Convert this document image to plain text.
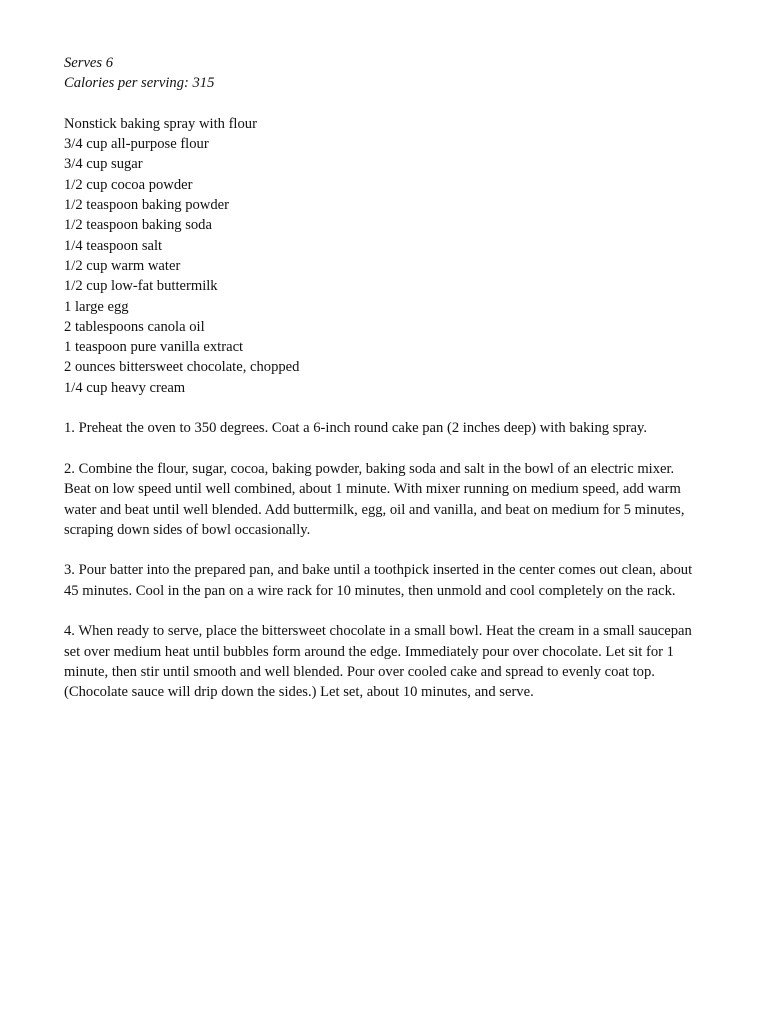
Serves 6
Calories per serving: 315
Nonstick baking spray with flour
3/4 cup all-purpose flour
3/4 cup sugar
1/2 cup cocoa powder
1/2 teaspoon baking powder
1/2 teaspoon baking soda
1/4 teaspoon salt
1/2 cup warm water
1/2 cup low-fat buttermilk
1 large egg
2 tablespoons canola oil
1 teaspoon pure vanilla extract
2 ounces bittersweet chocolate, chopped
1/4 cup heavy cream

1. Preheat the oven to 350 degrees. Coat a 6-inch round cake pan (2 inches deep) with baking spray.

2. Combine the flour, sugar, cocoa, baking powder, baking soda and salt in the bowl of an electric mixer. Beat on low speed until well combined, about 1 minute. With mixer running on medium speed, add warm water and beat until well blended. Add buttermilk, egg, oil and vanilla, and beat on medium for 5 minutes, scraping down sides of bowl occasionally.

3. Pour batter into the prepared pan, and bake until a toothpick inserted in the center comes out clean, about 45 minutes. Cool in the pan on a wire rack for 10 minutes, then unmold and cool completely on the rack.

4. When ready to serve, place the bittersweet chocolate in a small bowl. Heat the cream in a small saucepan set over medium heat until bubbles form around the edge. Immediately pour over chocolate. Let sit for 1 minute, then stir until smooth and well blended. Pour over cooled cake and spread to evenly coat top. (Chocolate sauce will drip down the sides.) Let set, about 10 minutes, and serve.
